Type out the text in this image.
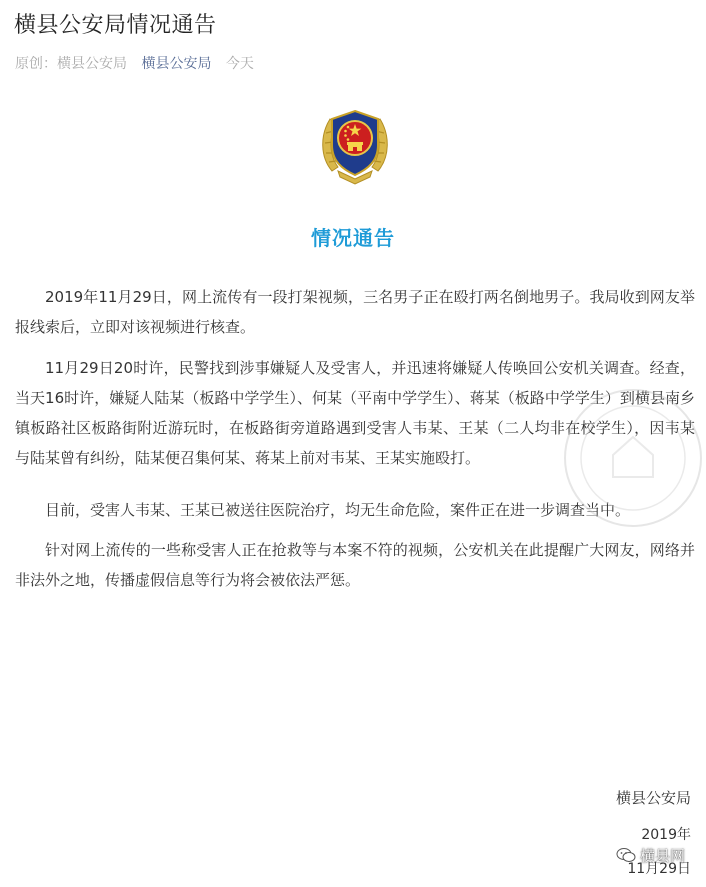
横县公安局情况通告
原创：横县公安局 横县公安局 今天
情况通告

2019年11月29日，网上流传有一段打架视频，三名男子正在殴打两名倒地男子。我局收到网友举报线索后，立即对该视频进行核查。

11月29日20时许，民警找到涉事嫌疑人及受害人，并迅速将嫌疑人传唤回公安机关调查。经查，当天16时许，嫌疑人陆某（板路中学学生）、何某（平南中学学生）、蒋某（板路中学学生）到横县南乡镇板路社区板路街附近游玩时，在板路街旁道路遇到受害人韦某、王某（二人均非在校学生），因韦某与陆某曾有纠纷，陆某便召集何某、蒋某上前对韦某、王某实施殴打。

目前，受害人韦某、王某已被送往医院治疗，均无生命危险，案件正在进一步调查当中。

针对网上流传的一些称受害人正在抢救等与本案不符的视频，公安机关在此提醒广大网友，网络并非法外之地，传播虚假信息等行为将会被依法严惩。

横县公安局
2019年
11月29日
横县网
